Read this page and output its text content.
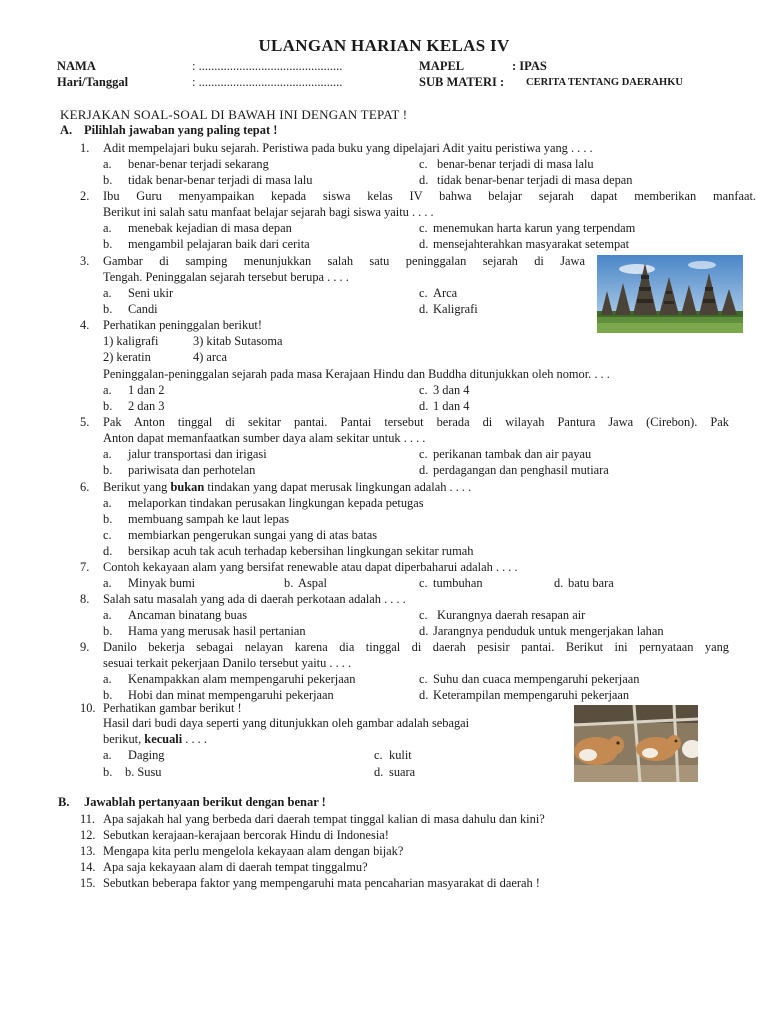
ULANGAN HARIAN KELAS IV
NAMA	: ..............................................
Hari/Tanggal	: ..............................................
MAPEL	: IPAS
SUB MATERI : CERITA TENTANG DAERAHKU
KERJAKAN SOAL-SOAL DI BAWAH INI DENGAN TEPAT !
A. Pilihlah jawaban yang paling tepat !
1. Adit mempelajari buku sejarah. Peristiwa pada buku yang dipelajari Adit yaitu peristiwa yang . . . .
a. benar-benar terjadi sekarang	c. benar-benar terjadi di masa lalu
b. tidak benar-benar terjadi di masa lalu	d. tidak benar-benar terjadi di masa depan
2. Ibu Guru menyampaikan kepada siswa kelas IV bahwa belajar sejarah dapat memberikan manfaat.
Berikut ini salah satu manfaat belajar sejarah bagi siswa yaitu . . . .
a. menebak kejadian di masa depan	c. menemukan harta karun yang terpendam
b. mengambil pelajaran baik dari cerita	d. mensejahterahkan masyarakat setempat
3. Gambar di samping menunjukkan salah satu peninggalan sejarah di Jawa
Tengah. Peninggalan sejarah tersebut berupa . . . .
a. Seni ukir	c. Arca
b. Candi	d. Kaligrafi
4. Perhatikan peninggalan berikut!
1) kaligrafi	3) kitab Sutasoma
2) keratin	4) arca
Peninggalan-peninggalan sejarah pada masa Kerajaan Hindu dan Buddha ditunjukkan oleh nomor. . . .
a. 1 dan 2	c. 3 dan 4
b. 2 dan 3	d. 1 dan 4
5. Pak Anton tinggal di sekitar pantai. Pantai tersebut berada di wilayah Pantura Jawa (Cirebon). Pak
Anton dapat memanfaatkan sumber daya alam sekitar untuk . . . .
a. jalur transportasi dan irigasi	c. perikanan tambak dan air payau
b. pariwisata dan perhotelan	d. perdagangan dan penghasil mutiara
6. Berikut yang bukan tindakan yang dapat merusak lingkungan adalah . . . .
a. melaporkan tindakan perusakan lingkungan kepada petugas
b. membuang sampah ke laut lepas
c. membiarkan pengerukan sungai yang di atas batas
d. bersikap acuh tak acuh terhadap kebersihan lingkungan sekitar rumah
7. Contoh kekayaan alam yang bersifat renewable atau dapat diperbaharui adalah . . . .
a. Minyak bumi	b. Aspal	c. tumbuhan	d. batu bara
8. Salah satu masalah yang ada di daerah perkotaan adalah . . . .
a. Ancaman binatang buas	c. Kurangnya daerah resapan air
b. Hama yang merusak hasil pertanian	d. Jarangnya penduduk untuk mengerjakan lahan
9. Danilo bekerja sebagai nelayan karena dia tinggal di daerah pesisir pantai. Berikut ini pernyataan yang
sesuai terkait pekerjaan Danilo tersebut yaitu . . . .
a. Kenampakkan alam mempengaruhi pekerjaan	c. Suhu dan cuaca mempengaruhi pekerjaan
b. Hobi dan minat mempengaruhi pekerjaan	d. Keterampilan mempengaruhi pekerjaan
10. Perhatikan gambar berikut !
Hasil dari budi daya seperti yang ditunjukkan oleh gambar adalah sebagai
berikut, kecuali . . . .
a. Daging	c. kulit
b. b. Susu	d. suara
B. Jawablah pertanyaan berikut dengan benar !
11. Apa sajakah hal yang berbeda dari daerah tempat tinggal kalian di masa dahulu dan kini?
12. Sebutkan kerajaan-kerajaan bercorak Hindu di Indonesia!
13. Mengapa kita perlu mengelola kekayaan alam dengan bijak?
14. Apa saja kekayaan alam di daerah tempat tinggalmu?
15. Sebutkan beberapa faktor yang mempengaruhi mata pencaharian masyarakat di daerah !
